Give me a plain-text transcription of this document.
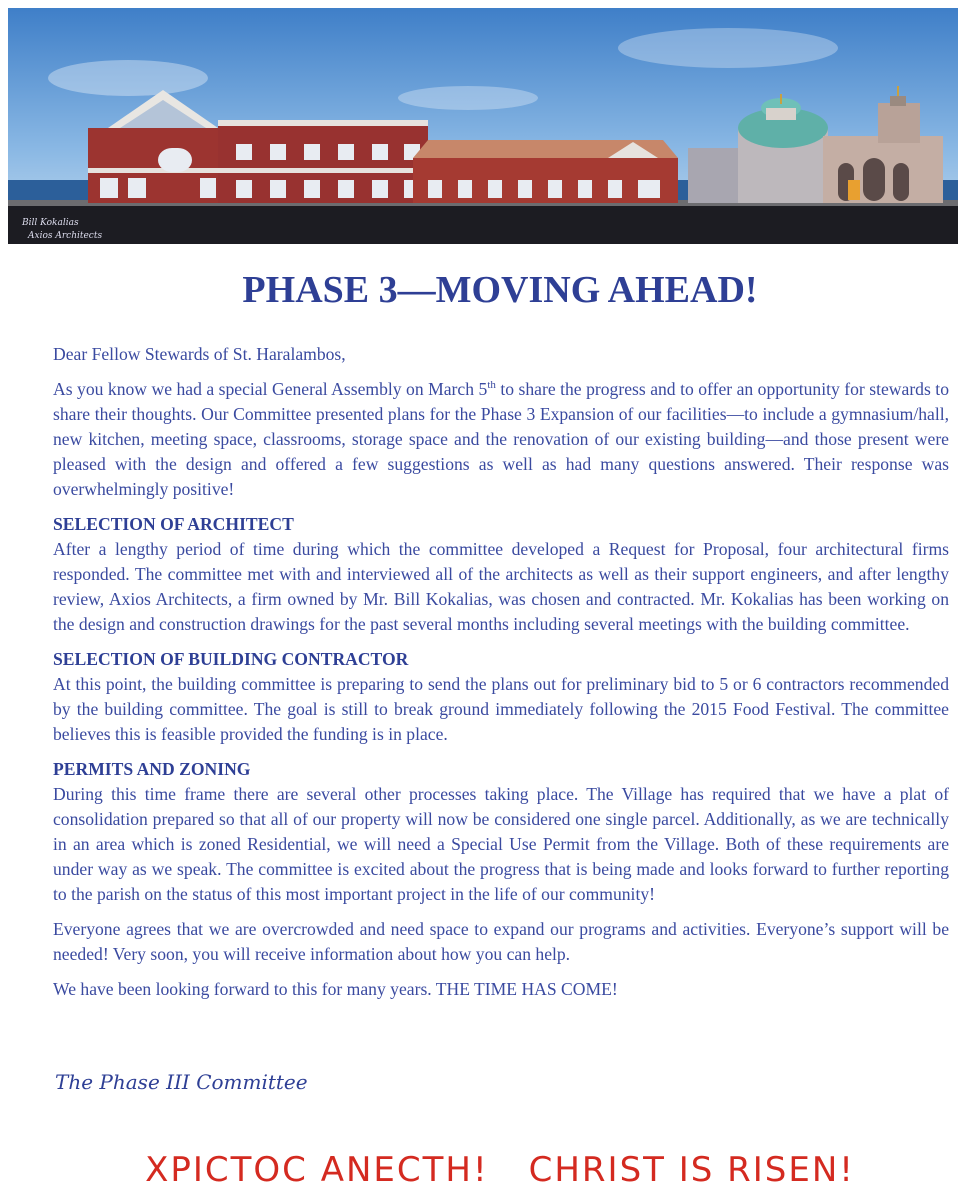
Bill Kokalias
Axios Architects
PHASE 3—MOVING AHEAD!

Dear Fellow Stewards of St. Haralambos,

As you know we had a special General Assembly on March 5th to share the progress and to offer an opportunity for stewards to share their thoughts. Our Committee presented plans for the Phase 3 Expansion of our facilities—to include a gymnasium/hall, new kitchen, meeting space, classrooms, storage space and the renovation of our existing building—and those present were pleased with the design and offered a few suggestions as well as had many questions answered. Their response was overwhelmingly positive!

SELECTION OF ARCHITECT

After a lengthy period of time during which the committee developed a Request for Proposal, four architectural firms responded. The committee met with and interviewed all of the architects as well as their support engineers, and after lengthy review, Axios Architects, a firm owned by Mr. Bill Kokalias, was chosen and contracted. Mr. Kokalias has been working on the design and construction drawings for the past several months including several meetings with the building committee.

SELECTION OF BUILDING CONTRACTOR

At this point, the building committee is preparing to send the plans out for preliminary bid to 5 or 6 contractors recommended by the building committee. The goal is still to break ground immediately following the 2015 Food Festival. The committee believes this is feasible provided the funding is in place.

PERMITS AND ZONING

During this time frame there are several other processes taking place. The Village has required that we have a plat of consolidation prepared so that all of our property will now be considered one single parcel. Additionally, as we are technically in an area which is zoned Residential, we will need a Special Use Permit from the Village. Both of these requirements are under way as we speak. The committee is excited about the progress that is being made and looks forward to further reporting to the parish on the status of this most important project in the life of our community!

Everyone agrees that we are overcrowded and need space to expand our programs and activities. Everyone’s support will be needed! Very soon, you will receive information about how you can help.

We have been looking forward to this for many years. THE TIME HAS COME!

The Phase III Committee
ΧΡΙCΤΟC ΑΝΕCΤΗ! CHRIST IS RISEN!
